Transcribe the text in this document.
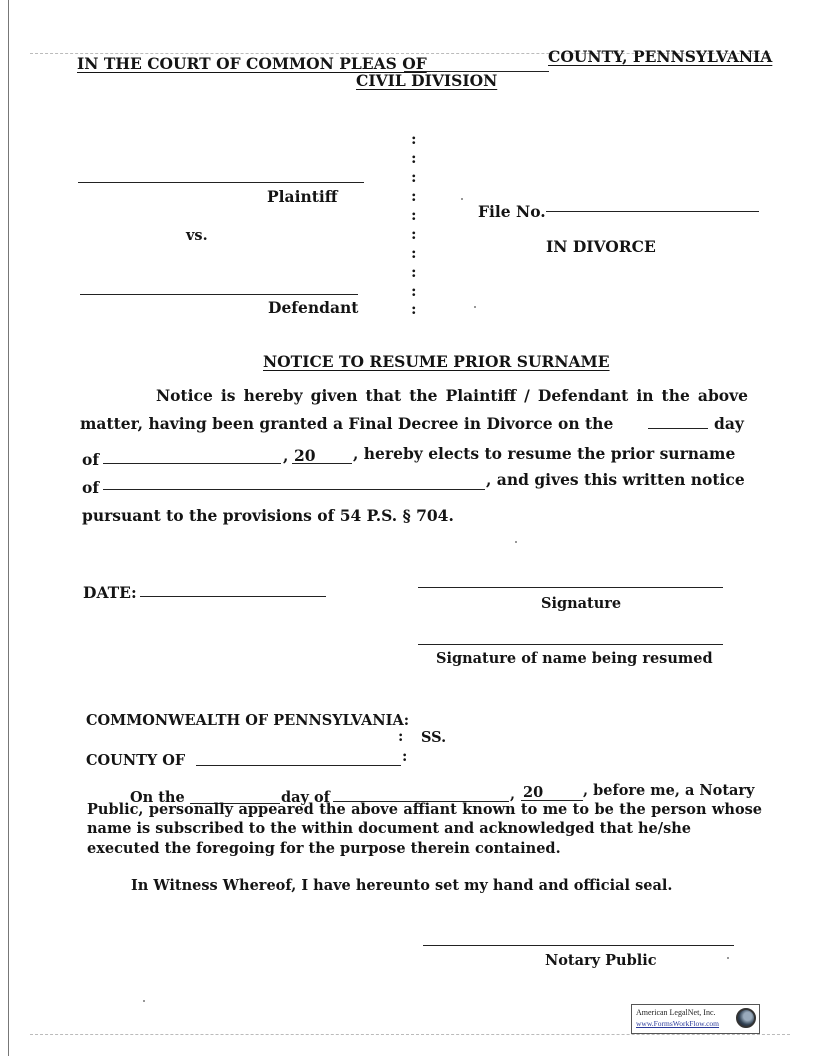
IN THE COURT OF COMMON PLEAS OF	COUNTY, PENNSYLVANIA
CIVIL DIVISION
:
:
:
:
:
:
:
:
:
:
Plaintiff
vs.
Defendant
File No.
IN DIVORCE
NOTICE TO RESUME PRIOR SURNAME
Notice is hereby given that the Plaintiff / Defendant in the above
matter, having been granted a Final Decree in Divorce on the	day
of	, 20 , hereby elects to resume the prior surname
of	, and gives this written notice
pursuant to the provisions of 54 P.S. § 704.
DATE:
Signature
Signature of name being resumed
COMMONWEALTH OF PENNSYLVANIA:
: SS.
COUNTY OF	:
On the	day of	, 20	, before me, a Notary
Public, personally appeared the above affiant known to me to be the person whose
name is subscribed to the within document and acknowledged that he/she
executed the foregoing for the purpose therein contained.
In Witness Whereof, I have hereunto set my hand and official seal.
Notary Public
American LegalNet, Inc.
www.FormsWorkFlow.com
